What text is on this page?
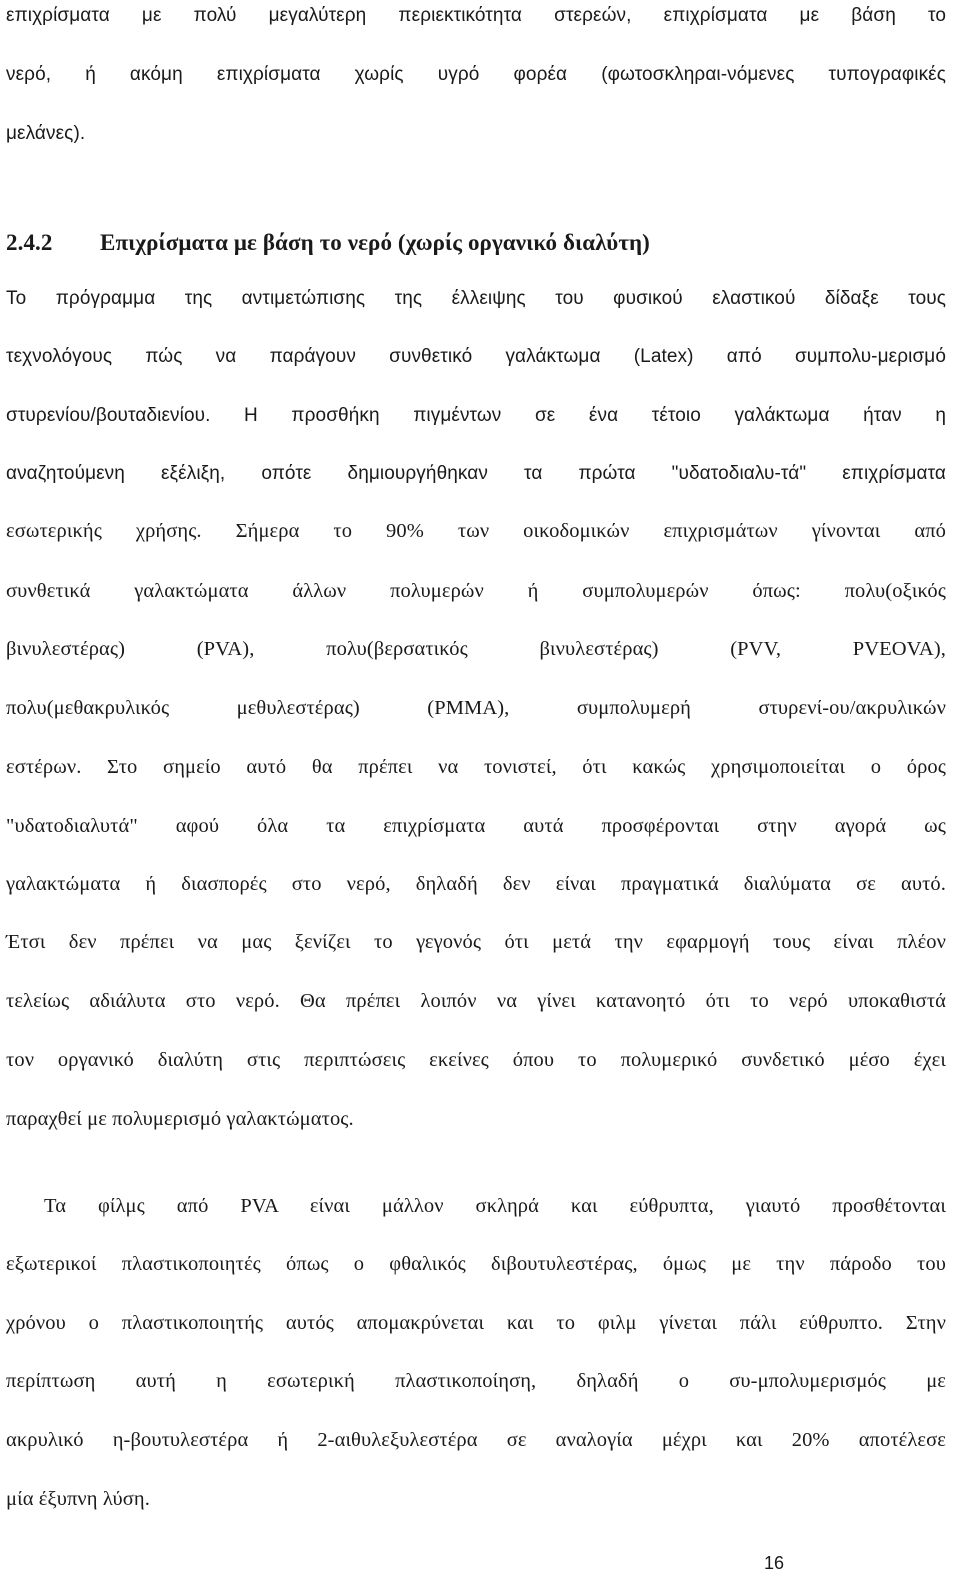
επιχρίσματα με πολύ μεγαλύτερη περιεκτικότητα στερεών, επιχρίσματα με βάση το
νερό, ή ακόμη επιχρίσματα χωρίς υγρό φορέα (φωτοσκληραι-νόμενες τυπογραφικές
μελάνες).
2.4.2 Επιχρίσματα με βάση το νερό (χωρίς οργανικό διαλύτη)
Το πρόγραμμα της αντιμετώπισης της έλλειψης του φυσικού ελαστικού δίδαξε τους
τεχνολόγους πώς να παράγουν συνθετικό γαλάκτωμα (Latex) από συμπολυ-μερισμό
στυρενίου/βουταδιενίου. Η προσθήκη πιγμέντων σε ένα τέτοιο γαλάκτωμα ήταν η
αναζητούμενη εξέλιξη, οπότε δημιουργήθηκαν τα πρώτα "υδατοδιαλυ-τά" επιχρίσματα
εσωτερικής χρήσης. Σήμερα το 90% των οικοδομικών επιχρισμάτων γίνονται από
συνθετικά γαλακτώματα άλλων πολυμερών ή συμπολυμερών όπως: πολυ(οξικός
βινυλεστέρας) (PVA), πολυ(βερσατικός βινυλεστέρας) (PVV, PVEOVA),
πολυ(μεθακρυλικός μεθυλεστέρας) (PMMA), συμπολυμερή στυρενί-ου/ακρυλικών
εστέρων. Στο σημείο αυτό θα πρέπει να τονιστεί, ότι κακώς χρησιμοποιείται ο όρος
"υδατοδιαλυτά" αφού όλα τα επιχρίσματα αυτά προσφέρονται στην αγορά ως
γαλακτώματα ή διασπορές στο νερό, δηλαδή δεν είναι πραγματικά διαλύματα σε αυτό.
Έτσι δεν πρέπει να μας ξενίζει το γεγονός ότι μετά την εφαρμογή τους είναι πλέον
τελείως αδιάλυτα στο νερό. Θα πρέπει λοιπόν να γίνει κατανοητό ότι το νερό υποκαθιστά
τον οργανικό διαλύτη στις περιπτώσεις εκείνες όπου το πολυμερικό συνδετικό μέσο έχει
παραχθεί με πολυμερισμό γαλακτώματος.
Τα φίλμς από PVA είναι μάλλον σκληρά και εύθρυπτα, γιαυτό προσθέτονται
εξωτερικοί πλαστικοποιητές όπως ο φθαλικός διβουτυλεστέρας, όμως με την πάροδο του
χρόνου ο πλαστικοποιητής αυτός απομακρύνεται και το φιλμ γίνεται πάλι εύθρυπτο. Στην
περίπτωση αυτή η εσωτερική πλαστικοποίηση, δηλαδή ο συ-μπολυμερισμός με
ακρυλικό η-βουτυλεστέρα ή 2-αιθυλεξυλεστέρα σε αναλογία μέχρι και 20% αποτέλεσε
μία έξυπνη λύση.
16
